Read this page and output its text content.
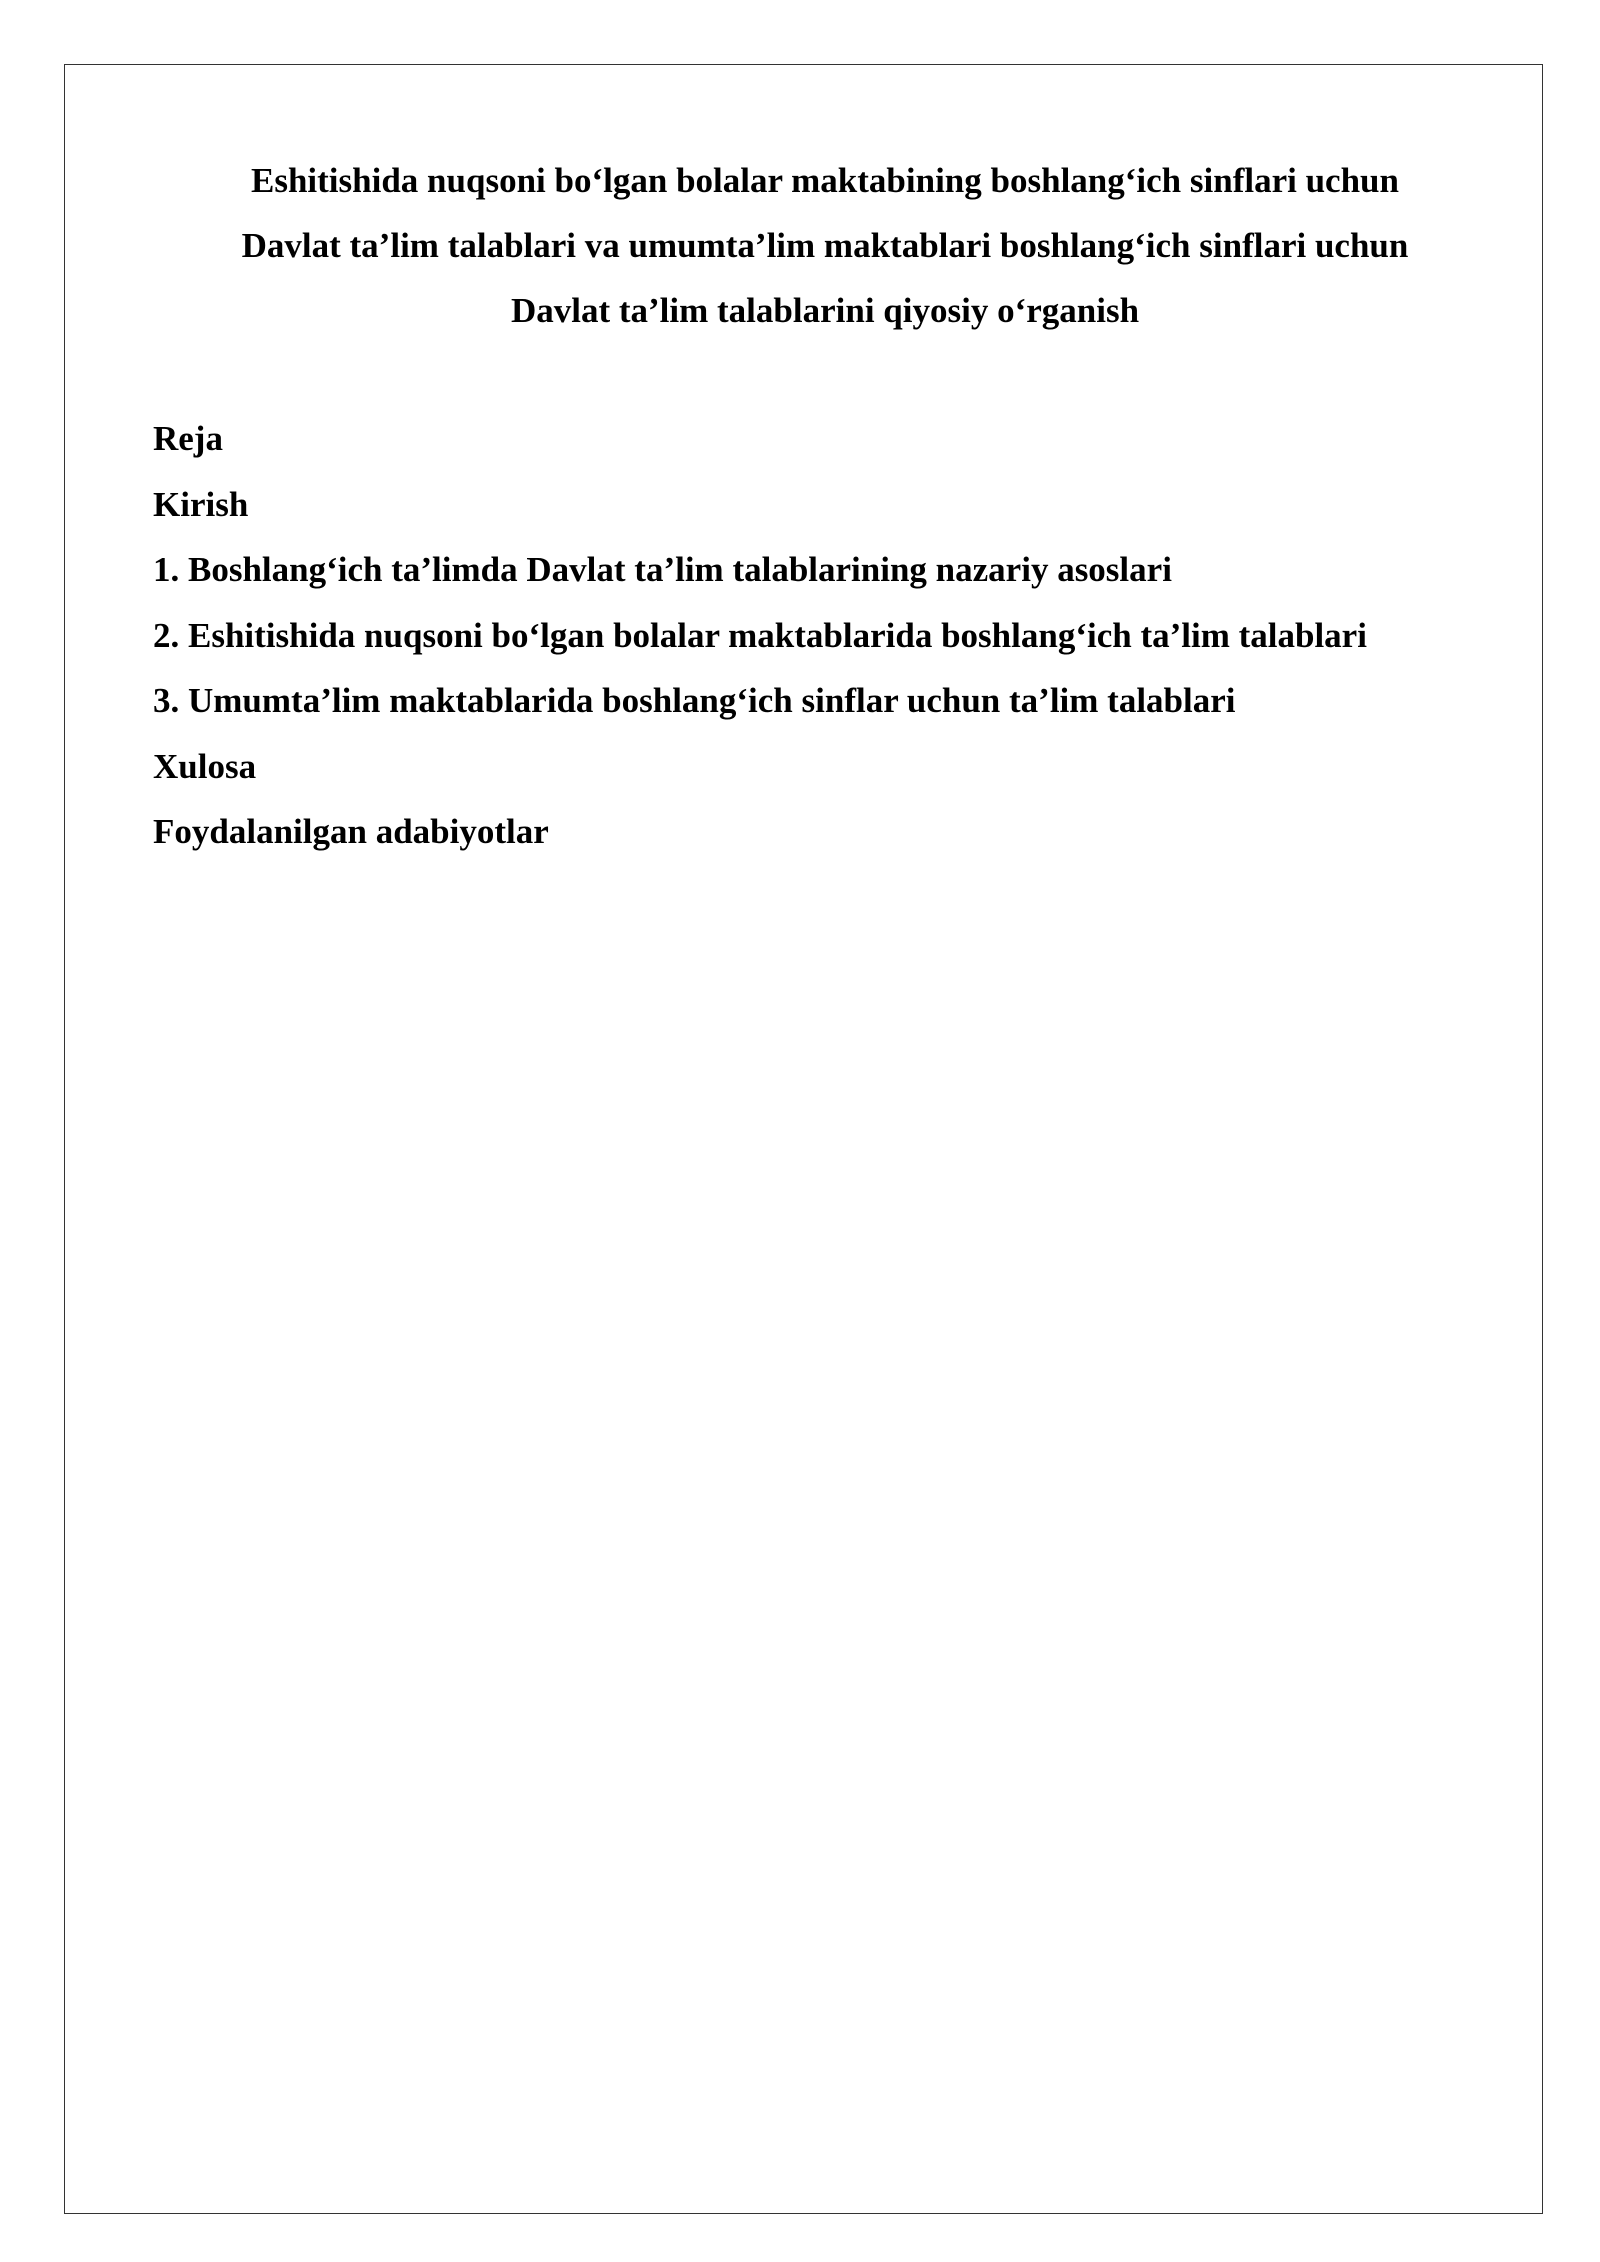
Eshitishida nuqsoni bo‘lgan bolalar maktabining boshlang‘ich sinflari uchun
Davlat ta’lim talablari va umumta’lim maktablari boshlang‘ich sinflari uchun
Davlat ta’lim talablarini qiyosiy o‘rganish
Reja
Kirish
1. Boshlang‘ich ta’limda Davlat ta’lim talablarining nazariy asoslari
2. Eshitishida nuqsoni bo‘lgan bolalar maktablarida boshlang‘ich ta’lim talablari
3. Umumta’lim maktablarida boshlang‘ich sinflar uchun ta’lim talablari
Xulosa
Foydalanilgan adabiyotlar
